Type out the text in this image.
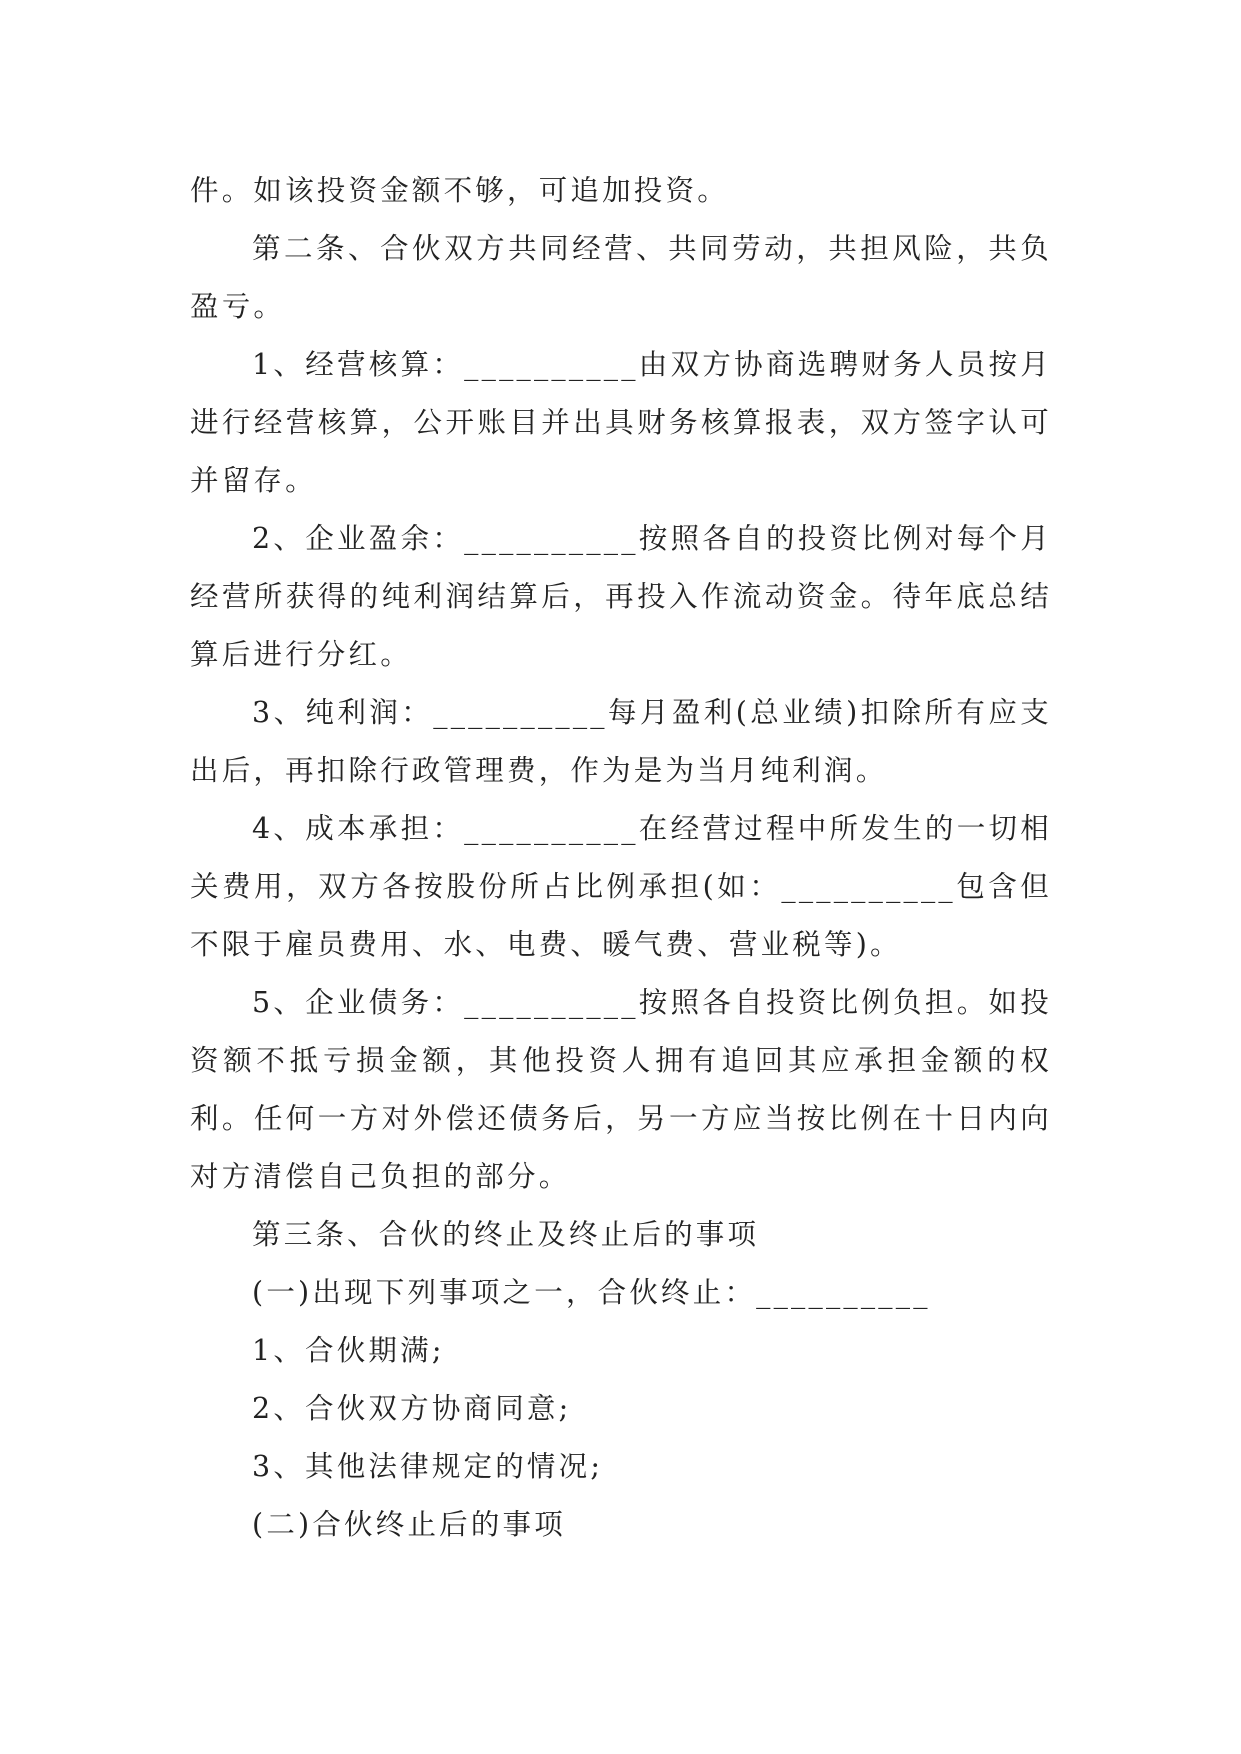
件。如该投资金额不够，可追加投资。

第二条、合伙双方共同经营、共同劳动，共担风险，共负盈亏。

1、经营核算：__________由双方协商选聘财务人员按月进行经营核算，公开账目并出具财务核算报表，双方签字认可并留存。

2、企业盈余：__________按照各自的投资比例对每个月经营所获得的纯利润结算后，再投入作流动资金。待年底总结算后进行分红。

3、纯利润：__________每月盈利(总业绩)扣除所有应支出后，再扣除行政管理费，作为是为当月纯利润。

4、成本承担：__________在经营过程中所发生的一切相关费用，双方各按股份所占比例承担(如：__________包含但不限于雇员费用、水、电费、暖气费、营业税等)。

5、企业债务：__________按照各自投资比例负担。如投资额不抵亏损金额，其他投资人拥有追回其应承担金额的权利。任何一方对外偿还债务后，另一方应当按比例在十日内向对方清偿自己负担的部分。

第三条、合伙的终止及终止后的事项

(一)出现下列事项之一，合伙终止：__________

1、合伙期满;

2、合伙双方协商同意;

3、其他法律规定的情况;

(二)合伙终止后的事项
